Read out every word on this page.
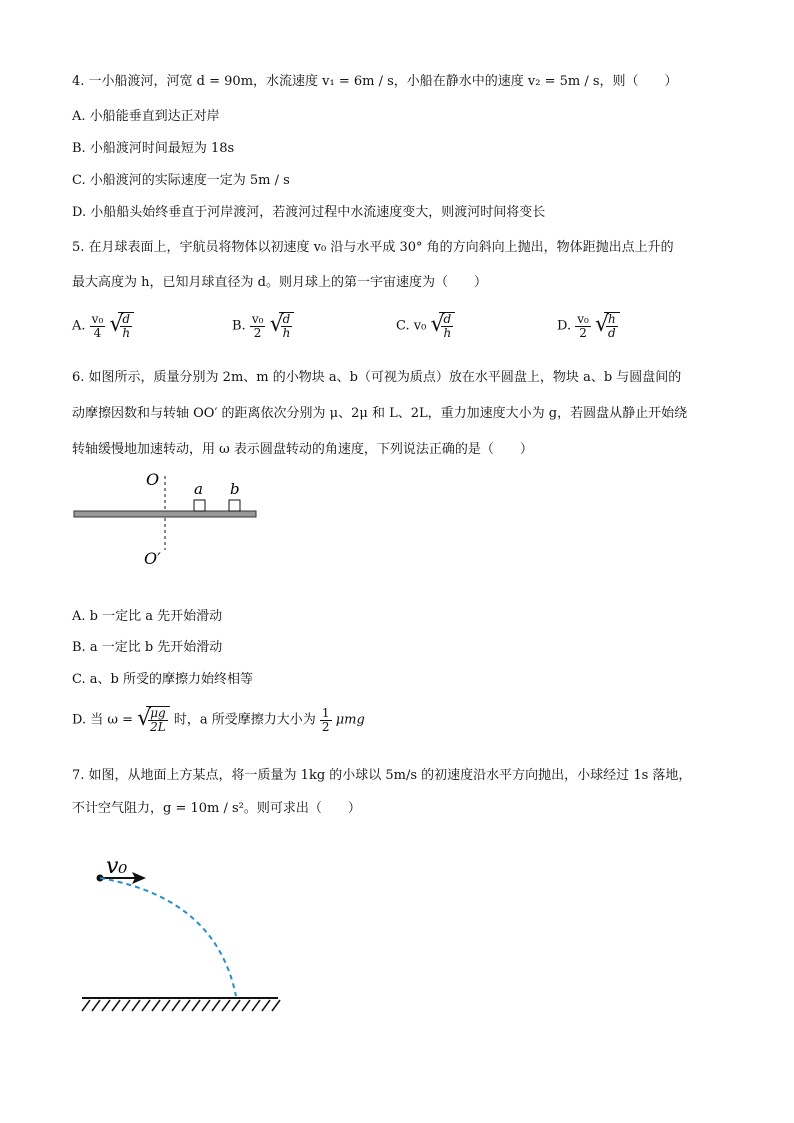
4. 一小船渡河，河宽 d = 90m，水流速度 v₁ = 6m / s，小船在静水中的速度 v₂ = 5m / s，则（　　）
A. 小船能垂直到达正对岸
B. 小船渡河时间最短为 18s
C. 小船渡河的实际速度一定为 5m / s
D. 小船船头始终垂直于河岸渡河，若渡河过程中水流速度变大，则渡河时间将变长
5. 在月球表面上，宇航员将物体以初速度 v₀ 沿与水平成 30° 角的方向斜向上抛出，物体距抛出点上升的
最大高度为 h，已知月球直径为 d。则月球上的第一宇宙速度为（　　）
A. $\frac{\text{v₀}}{4}$
√
$\frac{d}{h}$	B. $\frac{\text{v₀}}{2}$
√
$\frac{d}{h}$	C. v₀ √
$\frac{d}{h}$	D. $\frac{\text{v₀}}{2}$
√
$\frac{h}{d}$
6. 如图所示，质量分别为 2m、m 的小物块 a、b（可视为质点）放在水平圆盘上，物块 a、b 与圆盘间的
动摩擦因数和与转轴 OO′ 的距离依次分别为 μ、2μ 和 L、2L，重力加速度大小为 g，若圆盘从静止开始绕
转轴缓慢地加速转动，用 ω 表示圆盘转动的角速度，下列说法正确的是（　　）
O
O′
a b
A. b 一定比 a 先开始滑动
B. a 一定比 b 先开始滑动
C. a、b 所受的摩擦力始终相等
D. 当 ω = √
$\frac{\mu g}{2L}$ 时，a 所受摩擦力大小为 $\frac{1}{2}$ μmg
7. 如图，从地面上方某点，将一质量为 1kg 的小球以 5m/s 的初速度沿水平方向抛出，小球经过 1s 落地，
不计空气阻力，g = 10m / s²。则可求出（　　）
v₀
